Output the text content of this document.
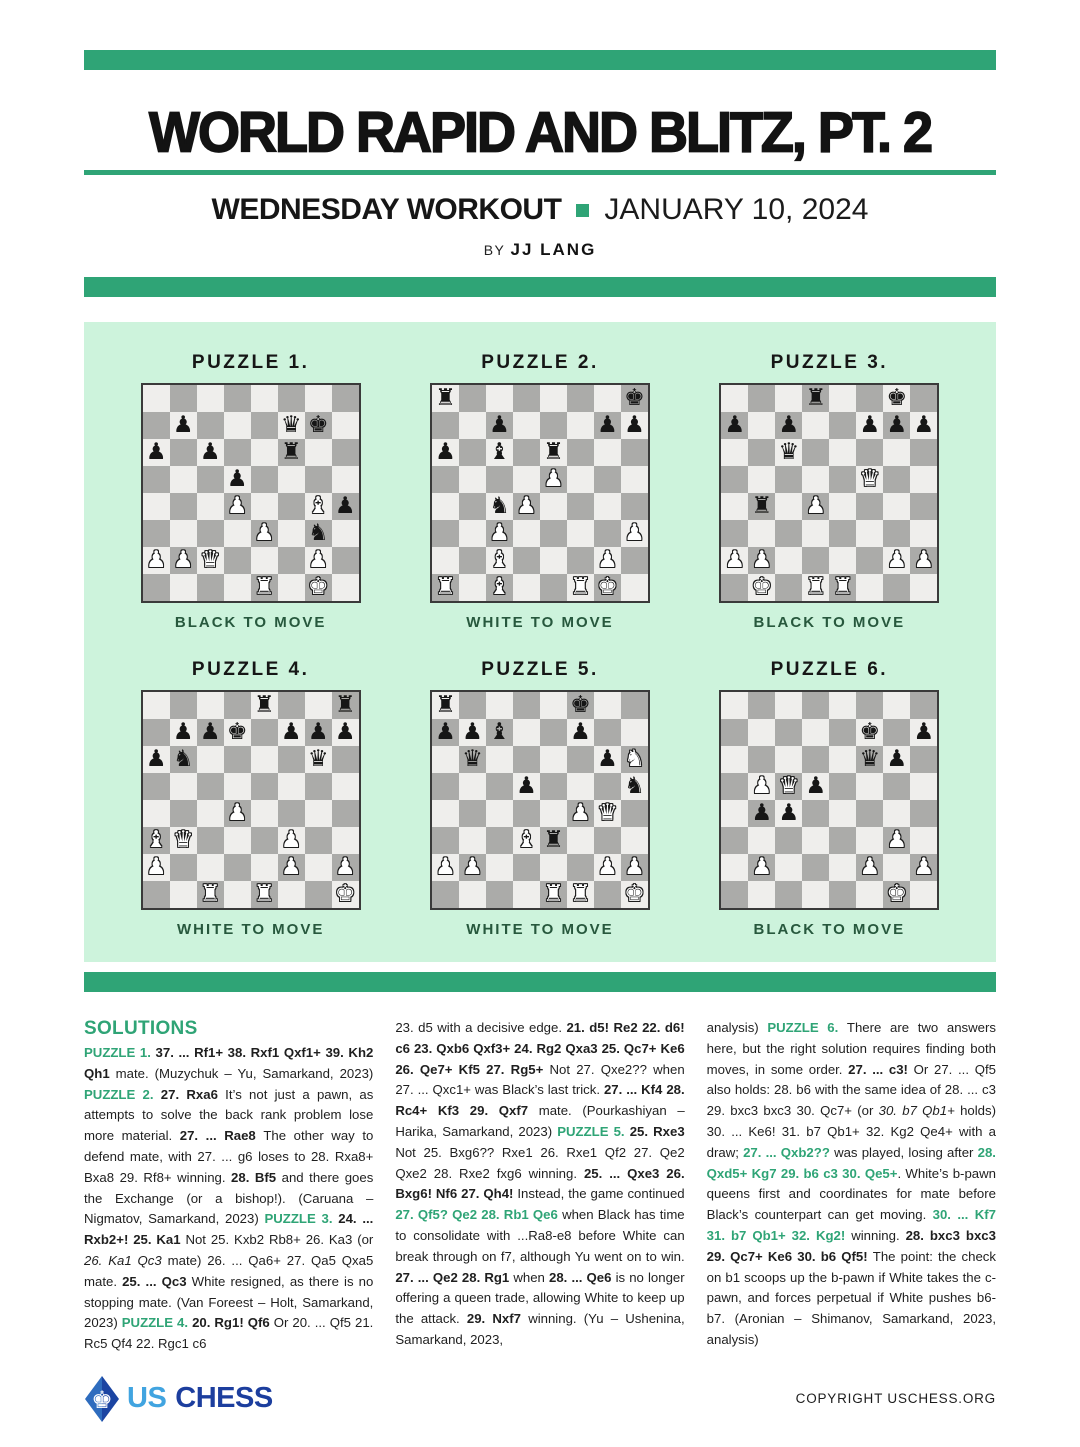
WORLD RAPID AND BLITZ, PT. 2
WEDNESDAY WORKOUT JANUARY 10, 2024
BY JJ LANG
PUZZLE 1.
♟	♛ ♚
♟ ♟	♜
♟
♟	♝ ♟
♟ ♞
♟ ♟ ♛	♟
♜ ♚
BLACK TO MOVE
PUZZLE 2.
♜	♚
♟	♟ ♟
♟ ♝ ♜
♟
♞ ♟
♟	♟
♝	♟
♜ ♝	♜ ♚
WHITE TO MOVE
PUZZLE 3.
♜	♚
♟ ♟	♟ ♟ ♟
♛
♛
♜ ♟
♟ ♟	♟ ♟
♚ ♜ ♜
BLACK TO MOVE
PUZZLE 4.
♜	♜
♟ ♟ ♚ ♟ ♟ ♟
♟ ♞	♛
♟
♝ ♛	♟
♟	♟ ♟
♜ ♜	♚
WHITE TO MOVE
PUZZLE 5.
♜	♚
♟ ♟ ♝	♟
♛	♟ ♞
♟	♞
♟ ♛
♝ ♜
♟ ♟	♟ ♟
♜ ♜ ♚
WHITE TO MOVE
PUZZLE 6.
♚ ♟
♛ ♟
♟ ♛ ♟
♟ ♟
♟
♟	♟ ♟
♚
BLACK TO MOVE
SOLUTIONS
PUZZLE 1. 37. ... Rf1+ 38. Rxf1 Qxf1+ 39. Kh2 Qh1 mate. (Muzychuk – Yu, Samarkand, 2023) PUZZLE 2. 27. Rxa6 It’s not just a pawn, as attempts to solve the back rank problem lose more material. 27. ... Rae8 The other way to defend mate, with 27. ... g6 loses to 28. Rxa8+ Bxa8 29. Rf8+ winning. 28. Bf5 and there goes the Exchange (or a bishop!). (Caruana – Nigmatov, Samarkand, 2023) PUZZLE 3. 24. ... Rxb2+! 25. Ka1 Not 25. Kxb2 Rb8+ 26. Ka3 (or 26. Ka1 Qc3 mate) 26. ... Qa6+ 27. Qa5 Qxa5 mate. 25. ... Qc3 White resigned, as there is no stopping mate. (Van Foreest – Holt, Samarkand, 2023) PUZZLE 4. 20. Rg1! Qf6 Or 20. ... Qf5 21. Rc5 Qf4 22. Rgc1 c6
23. d5 with a decisive edge. 21. d5! Re2 22. d6! c6 23. Qxb6 Qxf3+ 24. Rg2 Qxa3 25. Qc7+ Ke6 26. Qe7+ Kf5 27. Rg5+ Not 27. Qxe2?? when 27. ... Qxc1+ was Black’s last trick. 27. ... Kf4 28. Rc4+ Kf3 29. Qxf7 mate. (Pourkashiyan – Harika, Samarkand, 2023) PUZZLE 5. 25. Rxe3 Not 25. Bxg6?? Rxe1 26. Rxe1 Qf2 27. Qe2 Qxe2 28. Rxe2 fxg6 winning. 25. ... Qxe3 26. Bxg6! Nf6 27. Qh4! Instead, the game continued 27. Qf5? Qe2 28. Rb1 Qe6 when Black has time to consolidate with ...Ra8-e8 before White can break through on f7, although Yu went on to win. 27. ... Qe2 28. Rg1 when 28. ... Qe6 is no longer offering a queen trade, allowing White to keep up the attack. 29. Nxf7 winning. (Yu – Ushenina, Samarkand, 2023,
analysis) PUZZLE 6. There are two answers here, but the right solution requires finding both moves, in some order. 27. ... c3! Or 27. ... Qf5 also holds: 28. b6 with the same idea of 28. ... c3 29. bxc3 bxc3 30. Qc7+ (or 30. b7 Qb1+ holds) 30. ... Ke6! 31. b7 Qb1+ 32. Kg2 Qe4+ with a draw; 27. ... Qxb2?? was played, losing after 28. Qxd5+ Kg7 29. b6 c3 30. Qe5+. White’s b-pawn queens first and coordinates for mate before Black’s counterpart can get moving. 30. ... Kf7 31. b7 Qb1+ 32. Kg2! winning. 28. bxc3 bxc3 29. Qc7+ Ke6 30. b6 Qf5! The point: the check on b1 scoops up the b-pawn if White takes the c-pawn, and forces perpetual if White pushes b6-b7. (Aronian – Shimanov, Samarkand, 2023, analysis)
♚ US CHESS	COPYRIGHT USCHESS.ORG
